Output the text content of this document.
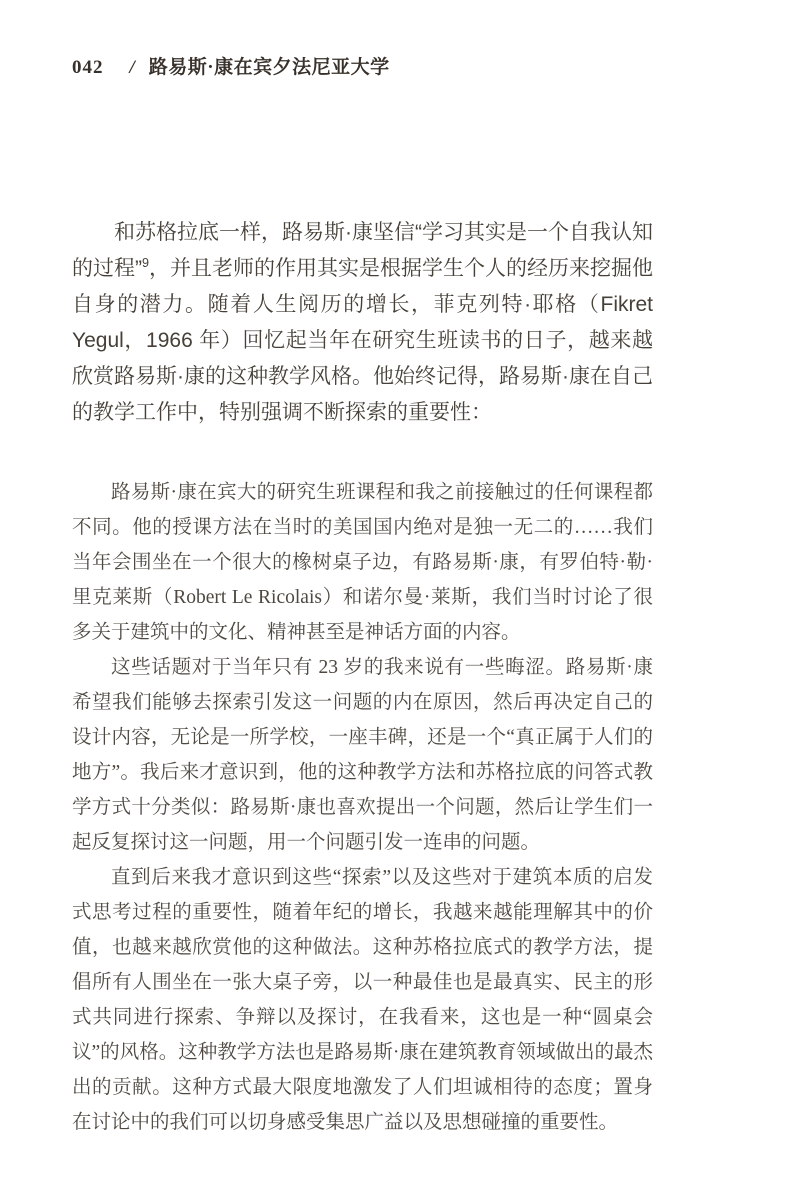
042 / 路易斯·康在宾夕法尼亚大学

和苏格拉底一样，路易斯·康坚信“学习其实是一个自我认知的过程”$^9$，并且老师的作用其实是根据学生个人的经历来挖掘他自身的潜力。随着人生阅历的增长，菲克列特·耶格（Fikret Yegul，1966 年）回忆起当年在研究生班读书的日子，越来越欣赏路易斯·康的这种教学风格。他始终记得，路易斯·康在自己的教学工作中，特别强调不断探索的重要性：

路易斯·康在宾大的研究生班课程和我之前接触过的任何课程都不同。他的授课方法在当时的美国国内绝对是独一无二的……我们当年会围坐在一个很大的橡树桌子边，有路易斯·康，有罗伯特·勒·里克莱斯（Robert Le Ricolais）和诺尔曼·莱斯，我们当时讨论了很多关于建筑中的文化、精神甚至是神话方面的内容。

这些话题对于当年只有 23 岁的我来说有一些晦涩。路易斯·康希望我们能够去探索引发这一问题的内在原因，然后再决定自己的设计内容，无论是一所学校，一座丰碑，还是一个“真正属于人们的地方”。我后来才意识到，他的这种教学方法和苏格拉底的问答式教学方式十分类似：路易斯·康也喜欢提出一个问题，然后让学生们一起反复探讨这一问题，用一个问题引发一连串的问题。

直到后来我才意识到这些“探索”以及这些对于建筑本质的启发式思考过程的重要性，随着年纪的增长，我越来越能理解其中的价值，也越来越欣赏他的这种做法。这种苏格拉底式的教学方法，提倡所有人围坐在一张大桌子旁，以一种最佳也是最真实、民主的形式共同进行探索、争辩以及探讨，在我看来，这也是一种“圆桌会议”的风格。这种教学方法也是路易斯·康在建筑教育领域做出的最杰出的贡献。这种方式最大限度地激发了人们坦诚相待的态度；置身在讨论中的我们可以切身感受集思广益以及思想碰撞的重要性。
